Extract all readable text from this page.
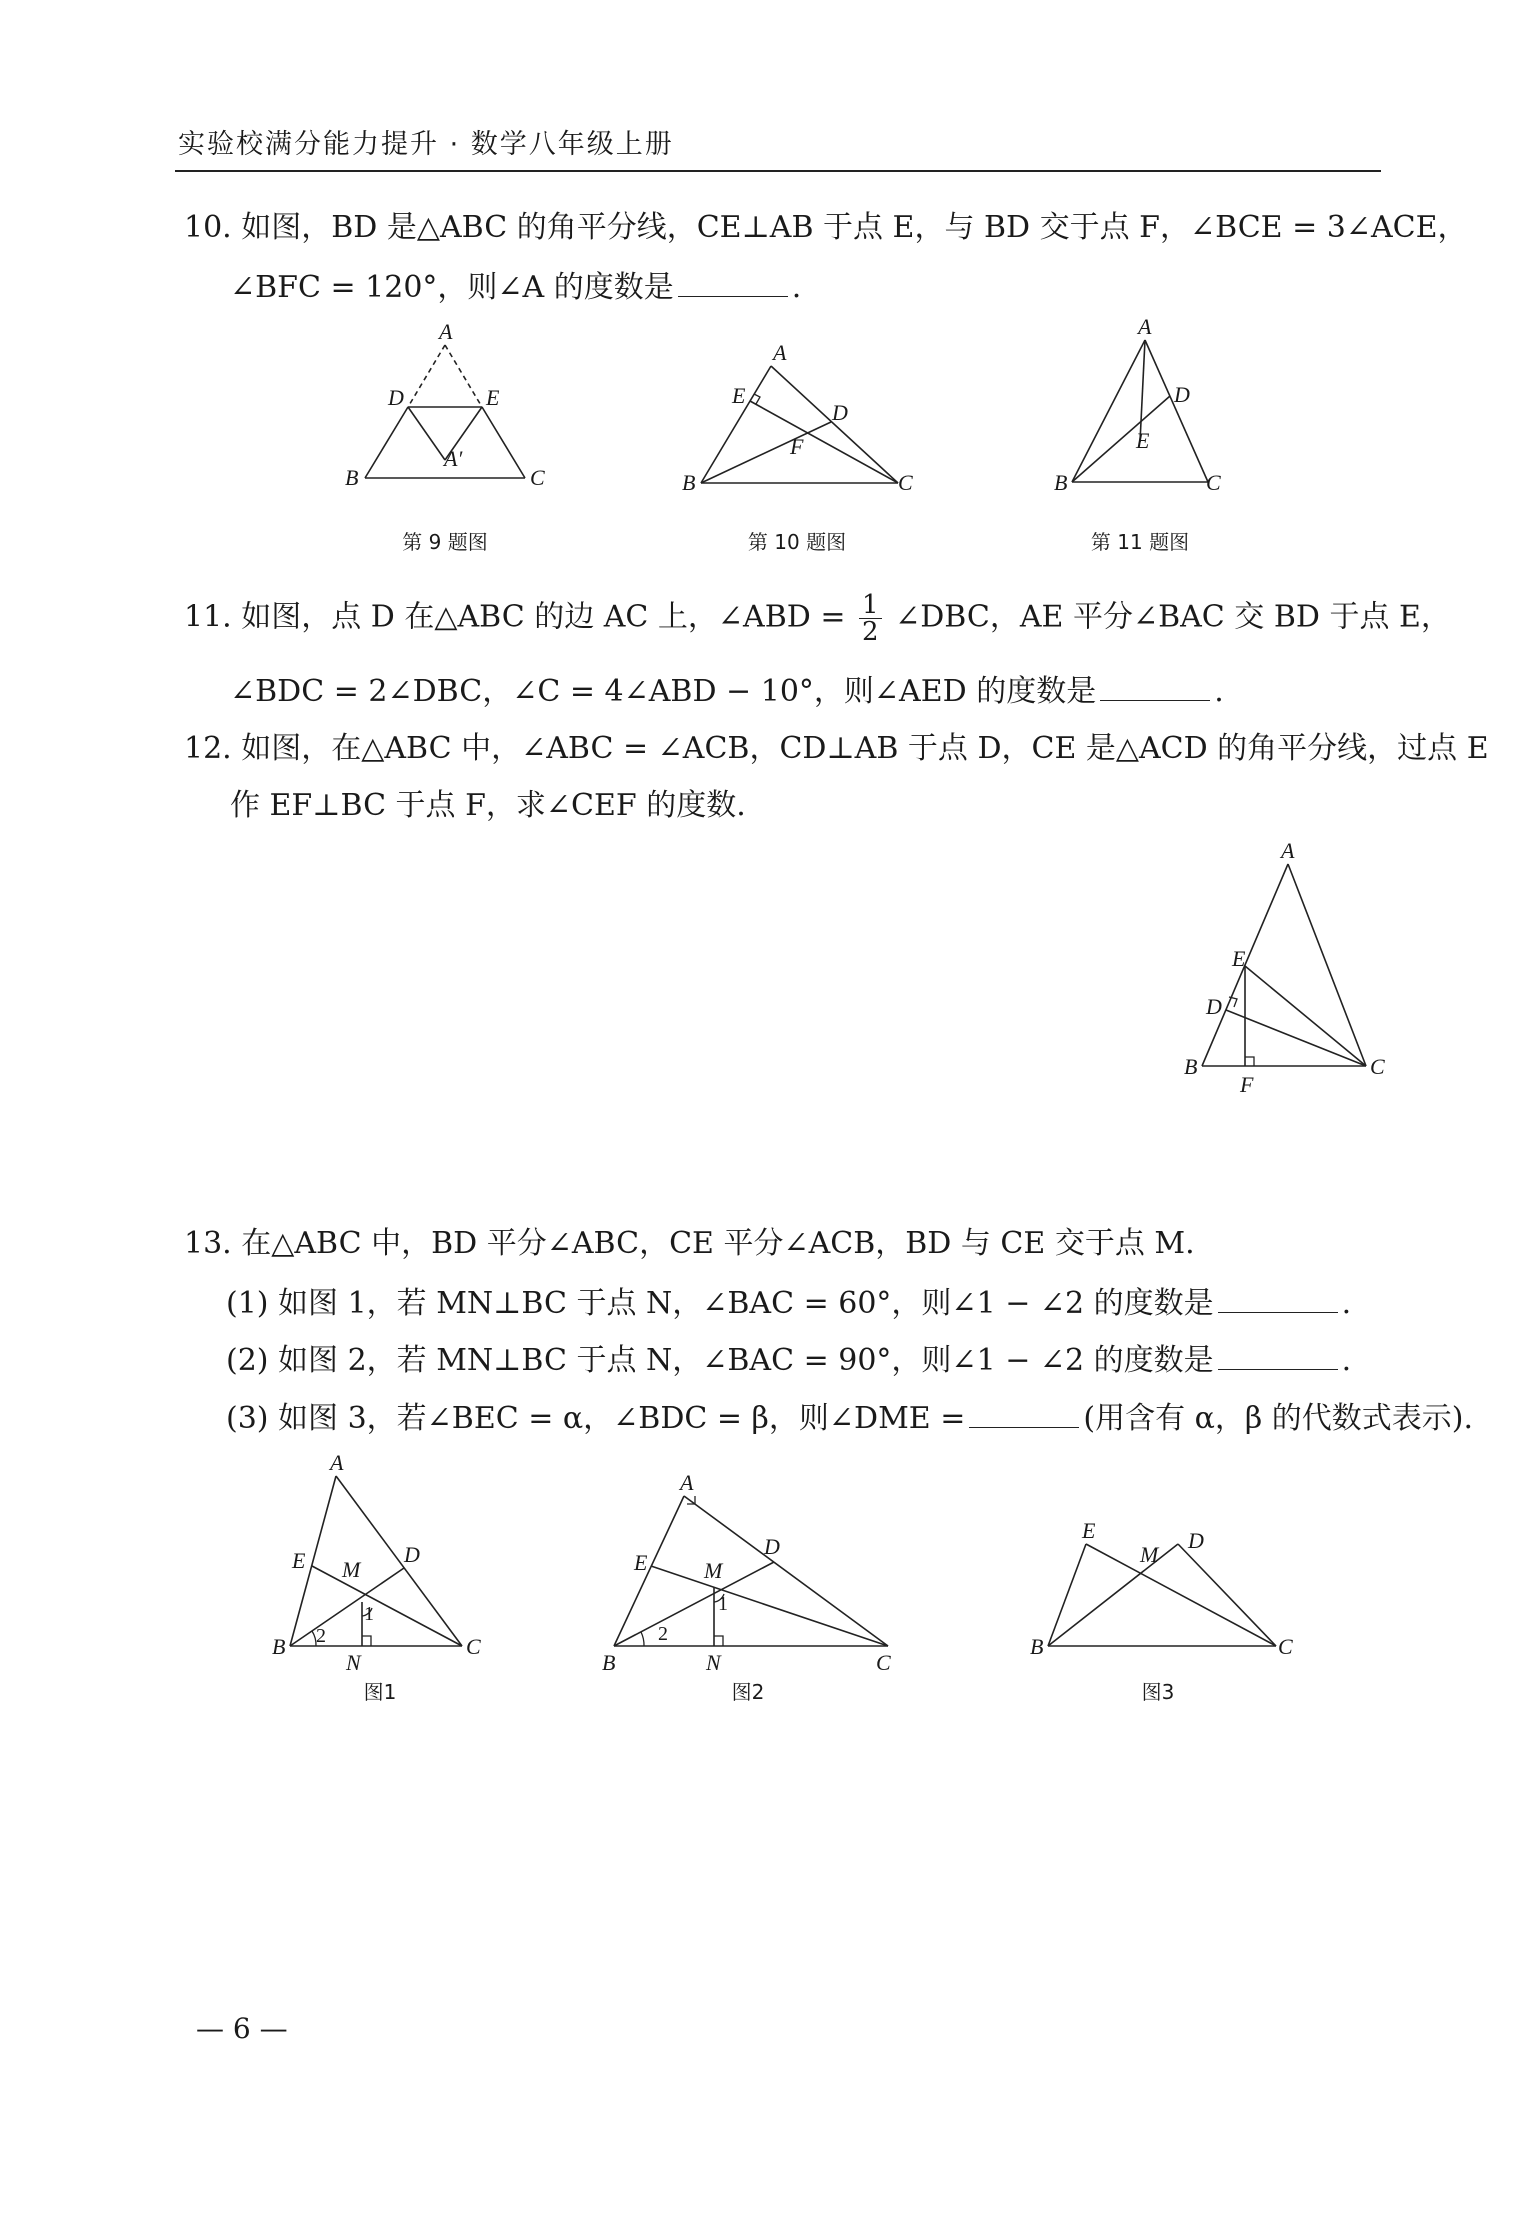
实验校满分能力提升 · 数学八年级上册
10. 如图，BD 是△ABC 的角平分线，CE⊥AB 于点 E，与 BD 交于点 F，∠BCE = 3∠ACE，
∠BFC = 120°，则∠A 的度数是	.
A
D	E
B	C
A′
第 9 题图
A
E
D
F
B	C
第 10 题图
A
D
E
B	C
第 11 题图
11. 如图，点 D 在△ABC 的边 AC 上，∠ABD = $\frac{1}{2}$ ∠DBC，AE 平分∠BAC 交 BD 于点 E，
∠BDC = 2∠DBC，∠C = 4∠ABD − 10°，则∠AED 的度数是	.
12. 如图，在△ABC 中，∠ABC = ∠ACB，CD⊥AB 于点 D，CE 是△ACD 的角平分线，过点 E
作 EF⊥BC 于点 F，求∠CEF 的度数.
A
E
D
B
F
C
13. 在△ABC 中，BD 平分∠ABC，CE 平分∠ACB，BD 与 CE 交于点 M.
(1) 如图 1，若 MN⊥BC 于点 N，∠BAC = 60°，则∠1 − ∠2 的度数是	.
(2) 如图 2，若 MN⊥BC 于点 N，∠BAC = 90°，则∠1 − ∠2 的度数是	.
(3) 如图 3，若∠BEC = α，∠BDC = β，则∠DME =	(用含有 α，β 的代数式表示).
A
D
E M
B
N
C
1
2
图1
A
D
E	M
B	N	C
1
2
图2
E
M
D
B	C
图3
— 6 —
